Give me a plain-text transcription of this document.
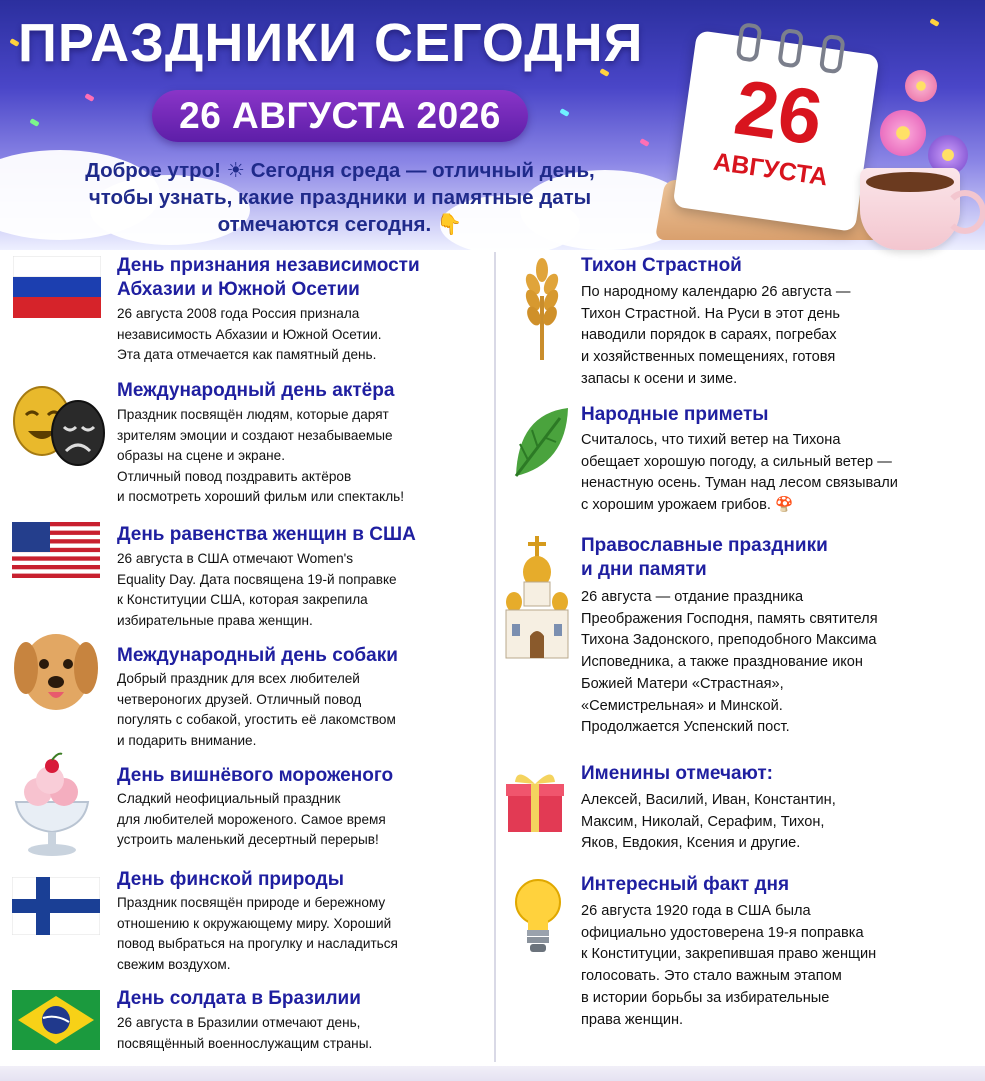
ПРАЗДНИКИ СЕГОДНЯ
26 АВГУСТА 2026
Доброе утро! ☀ Сегодня среда — отличный день,
чтобы узнать, какие праздники и памятные даты
отмечаются сегодня. 👇
26
АВГУСТА
День признания независимости
Абхазии и Южной Осетии
26 августа 2008 года Россия признала
независимость Абхазии и Южной Осетии.
Эта дата отмечается как памятный день.
Международный день актёра
Праздник посвящён людям, которые дарят
зрителям эмоции и создают незабываемые
образы на сцене и экране.
Отличный повод поздравить актёров
и посмотреть хороший фильм или спектакль!
День равенства женщин в США
26 августа в США отмечают Women's
Equality Day. Дата посвящена 19-й поправке
к Конституции США, которая закрепила
избирательные права женщин.
Международный день собаки
Добрый праздник для всех любителей
четвероногих друзей. Отличный повод
погулять с собакой, угостить её лакомством
и подарить внимание.
День вишнёвого мороженого
Сладкий неофициальный праздник
для любителей мороженого. Самое время
устроить маленький десертный перерыв!
День финской природы
Праздник посвящён природе и бережному
отношению к окружающему миру. Хороший
повод выбраться на прогулку и насладиться
свежим воздухом.
День солдата в Бразилии
26 августа в Бразилии отмечают день,
посвящённый военнослужащим страны.
Тихон Страстной
По народному календарю 26 августа —
Тихон Страстной. На Руси в этот день
наводили порядок в сараях, погребах
и хозяйственных помещениях, готовя
запасы к осени и зиме.
Народные приметы
Считалось, что тихий ветер на Тихона
обещает хорошую погоду, а сильный ветер —
ненастную осень. Туман над лесом связывали
с хорошим урожаем грибов. 🍄
Православные праздники
и дни памяти
26 августа — отдание праздника
Преображения Господня, память святителя
Тихона Задонского, преподобного Максима
Исповедника, а также празднование икон
Божией Матери «Страстная»,
«Семистрельная» и Минской.
Продолжается Успенский пост.
Именины отмечают:
Алексей, Василий, Иван, Константин,
Максим, Николай, Серафим, Тихон,
Яков, Евдокия, Ксения и другие.
Интересный факт дня
26 августа 1920 года в США была
официально удостоверена 19-я поправка
к Конституции, закрепившая право женщин
голосовать. Это стало важным этапом
в истории борьбы за избирательные
права женщин.
